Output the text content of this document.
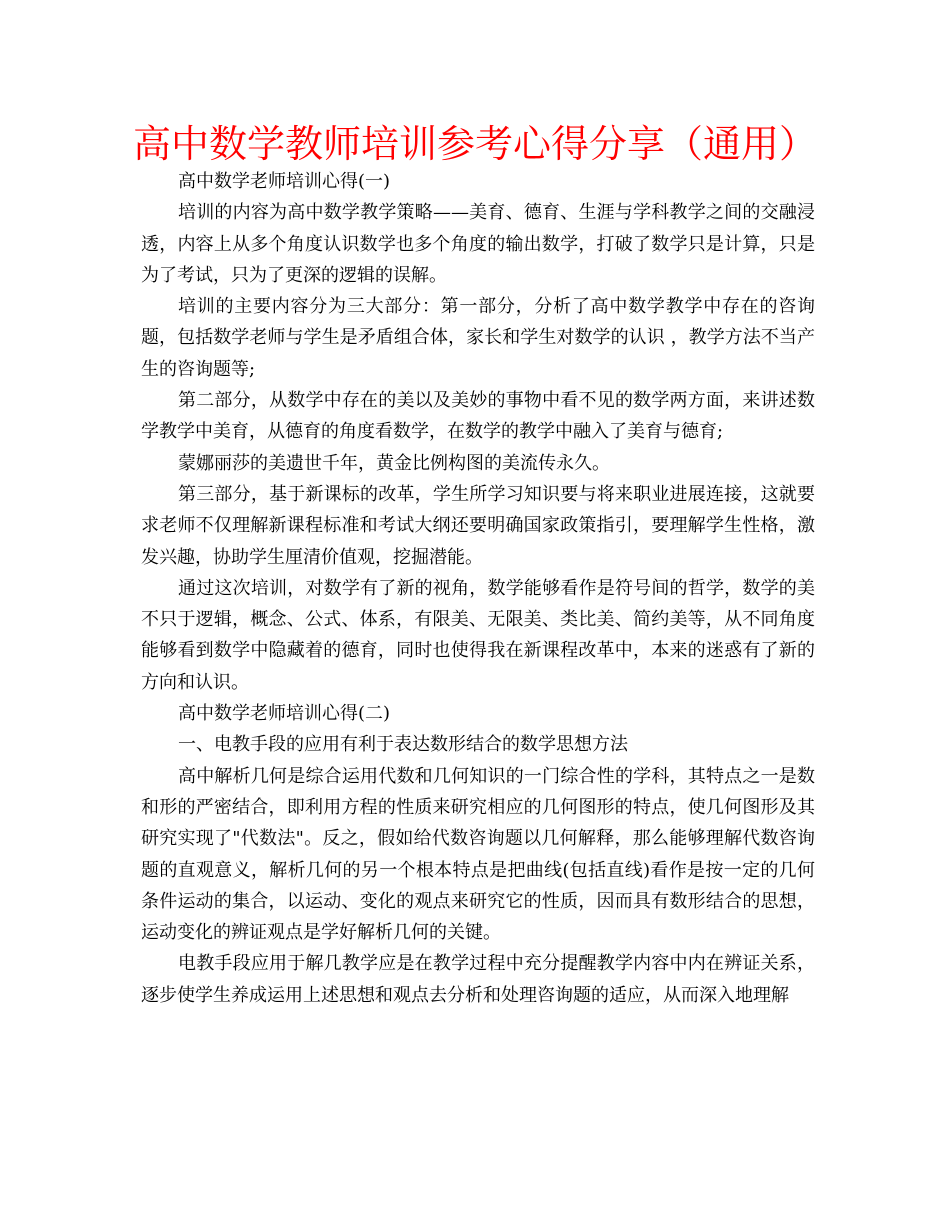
高中数学教师培训参考心得分享（通用）

高中数学老师培训心得(一)

培训的内容为高中数学教学策略——美育、德育、生涯与学科教学之间的交融浸透，内容上从多个角度认识数学也多个角度的输出数学，打破了数学只是计算，只是为了考试，只为了更深的逻辑的误解。

培训的主要内容分为三大部分：第一部分，分析了高中数学教学中存在的咨询题，包括数学老师与学生是矛盾组合体，家长和学生对数学的认识 ，教学方法不当产生的咨询题等;

第二部分，从数学中存在的美以及美妙的事物中看不见的数学两方面，来讲述数学教学中美育，从德育的角度看数学，在数学的教学中融入了美育与德育;

蒙娜丽莎的美遗世千年，黄金比例构图的美流传永久。

第三部分，基于新课标的改革，学生所学习知识要与将来职业进展连接，这就要求老师不仅理解新课程标准和考试大纲还要明确国家政策指引，要理解学生性格，激发兴趣，协助学生厘清价值观，挖掘潜能。

通过这次培训，对数学有了新的视角，数学能够看作是符号间的哲学，数学的美不只于逻辑，概念、公式、体系，有限美、无限美、类比美、简约美等，从不同角度能够看到数学中隐藏着的德育，同时也使得我在新课程改革中，本来的迷惑有了新的方向和认识。

高中数学老师培训心得(二)

一、电教手段的应用有利于表达数形结合的数学思想方法

高中解析几何是综合运用代数和几何知识的一门综合性的学科，其特点之一是数和形的严密结合，即利用方程的性质来研究相应的几何图形的特点，使几何图形及其研究实现了"代数法"。反之，假如给代数咨询题以几何解释，那么能够理解代数咨询题的直观意义，解析几何的另一个根本特点是把曲线(包括直线)看作是按一定的几何条件运动的集合，以运动、变化的观点来研究它的性质，因而具有数形结合的思想，运动变化的辨证观点是学好解析几何的关键。

电教手段应用于解几教学应是在教学过程中充分提醒教学内容中内在辨证关系，逐步使学生养成运用上述思想和观点去分析和处理咨询题的适应，从而深入地理解
